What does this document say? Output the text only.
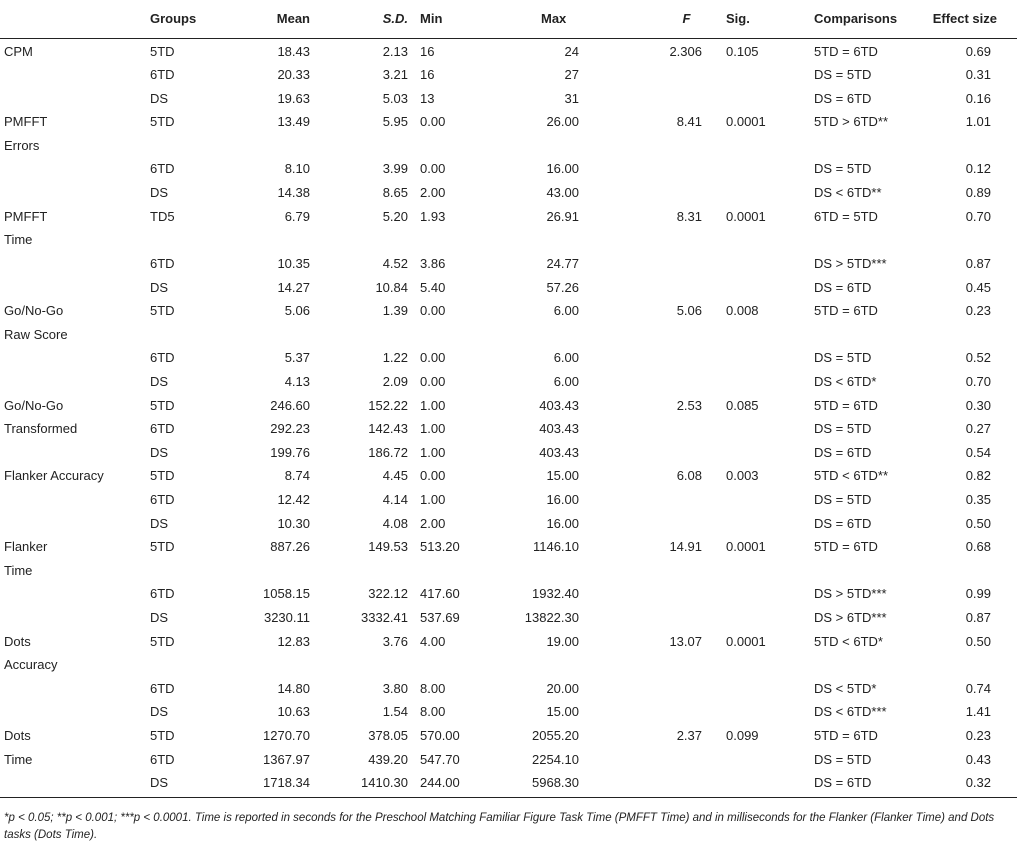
	Groups	Mean	S.D.	Min	Max	F	Sig.	Comparisons	Effect size
CPM	5TD	18.43	2.13	16	24	2.306	0.105	5TD = 6TD	0.69
	6TD	20.33	3.21	16	27			DS = 5TD	0.31
	DS	19.63	5.03	13	31			DS = 6TD	0.16
PMFFT	5TD	13.49	5.95	0.00	26.00	8.41	0.0001	5TD > 6TD**	1.01
Errors									
	6TD	8.10	3.99	0.00	16.00			DS = 5TD	0.12
	DS	14.38	8.65	2.00	43.00			DS < 6TD**	0.89
PMFFT	TD5	6.79	5.20	1.93	26.91	8.31	0.0001	6TD = 5TD	0.70
Time									
	6TD	10.35	4.52	3.86	24.77			DS > 5TD***	0.87
	DS	14.27	10.84	5.40	57.26			DS = 6TD	0.45
Go/No-Go	5TD	5.06	1.39	0.00	6.00	5.06	0.008	5TD = 6TD	0.23
Raw Score									
	6TD	5.37	1.22	0.00	6.00			DS = 5TD	0.52
	DS	4.13	2.09	0.00	6.00			DS < 6TD*	0.70
Go/No-Go	5TD	246.60	152.22	1.00	403.43	2.53	0.085	5TD = 6TD	0.30
Transformed	6TD	292.23	142.43	1.00	403.43			DS = 5TD	0.27
	DS	199.76	186.72	1.00	403.43			DS = 6TD	0.54
Flanker Accuracy	5TD	8.74	4.45	0.00	15.00	6.08	0.003	5TD < 6TD**	0.82
	6TD	12.42	4.14	1.00	16.00			DS = 5TD	0.35
	DS	10.30	4.08	2.00	16.00			DS = 6TD	0.50
Flanker	5TD	887.26	149.53	513.20	1146.10	14.91	0.0001	5TD = 6TD	0.68
Time									
	6TD	1058.15	322.12	417.60	1932.40			DS > 5TD***	0.99
	DS	3230.11	3332.41	537.69	13822.30			DS > 6TD***	0.87
Dots	5TD	12.83	3.76	4.00	19.00	13.07	0.0001	5TD < 6TD*	0.50
Accuracy									
	6TD	14.80	3.80	8.00	20.00			DS < 5TD*	0.74
	DS	10.63	1.54	8.00	15.00			DS < 6TD***	1.41
Dots	5TD	1270.70	378.05	570.00	2055.20	2.37	0.099	5TD = 6TD	0.23
Time	6TD	1367.97	439.20	547.70	2254.10			DS = 5TD	0.43
	DS	1718.34	1410.30	244.00	5968.30			DS = 6TD	0.32
*p < 0.05; **p < 0.001; ***p < 0.0001. Time is reported in seconds for the Preschool Matching Familiar Figure Task Time (PMFFT Time) and in milliseconds for the Flanker (Flanker Time) and Dots tasks (Dots Time).
